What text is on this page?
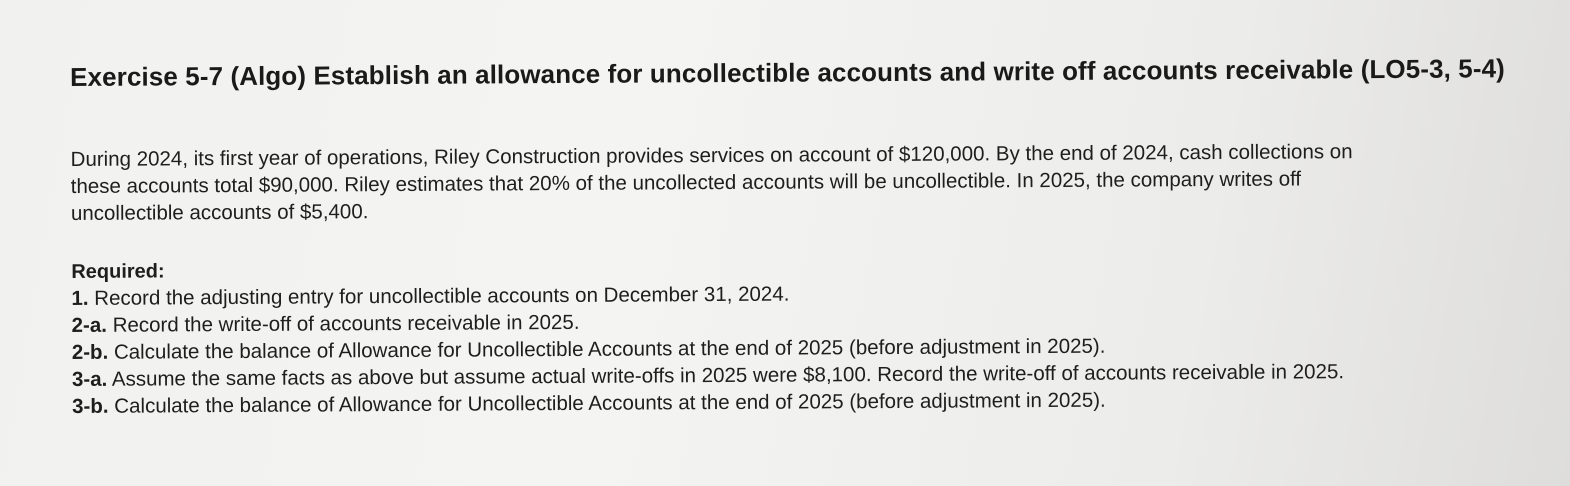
Exercise 5-7 (Algo) Establish an allowance for uncollectible accounts and write off accounts receivable (LO5-3, 5-4)

During 2024, its first year of operations, Riley Construction provides services on account of $120,000. By the end of 2024, cash collections on these accounts total $90,000. Riley estimates that 20% of the uncollected accounts will be uncollectible. In 2025, the company writes off uncollectible accounts of $5,400.

Required:
1. Record the adjusting entry for uncollectible accounts on December 31, 2024.
2-a. Record the write-off of accounts receivable in 2025.
2-b. Calculate the balance of Allowance for Uncollectible Accounts at the end of 2025 (before adjustment in 2025).
3-a. Assume the same facts as above but assume actual write-offs in 2025 were $8,100. Record the write-off of accounts receivable in 2025.
3-b. Calculate the balance of Allowance for Uncollectible Accounts at the end of 2025 (before adjustment in 2025).
